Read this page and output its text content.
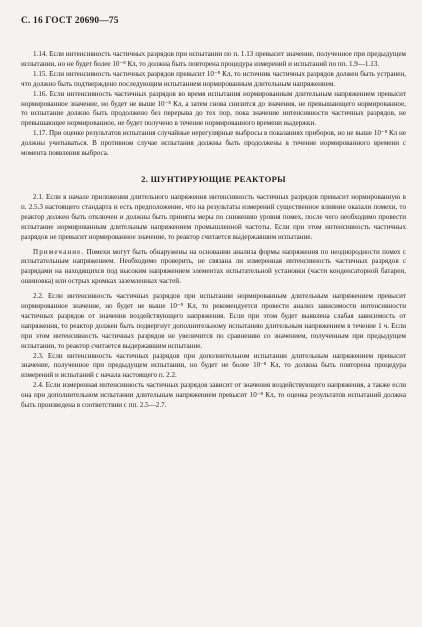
С. 16 ГОСТ 20690—75

1.14. Если интенсивность частичных разрядов при испытании по п. 1.13 превысит значение, полученное при предыдущем испытании, но не будет более 10⁻⁸ Кл, то должна быть повторена процедура измерений и испытаний по пп. 1.9—1.13.

1.15. Если интенсивность частичных разрядов превысит 10⁻⁸ Кл, то источник частичных разрядов должен быть устранен, что должно быть подтверждено последующим испытанием нормированным длительным напряжением.

1.16. Если интенсивность частичных разрядов во время испытания нормированным длительным напряжением превысит нормированное значение, но будет не выше 10⁻⁸ Кл, а затем снова снизится до значения, не превышающего нормированное, то испытание должно быть продолжено без перерыва до тех пор, пока значение интенсивности частичных разрядов, не превышающее нормированное, не будет получено в течение нормированного времени выдержки.

1.17. При оценке результатов испытания случайные нерегулярные выбросы в показаниях приборов, но не выше 10⁻⁸ Кл не должны учитываться. В противном случае испытания должны быть продолжены в течение нормированного времени с момента появления выброса.

2. ШУНТИРУЮЩИЕ РЕАКТОРЫ

2.1. Если в начале приложения длительного напряжения интенсивность частичных разрядов превысит нормированную в п. 2.5.3 настоящего стандарта и есть предположение, что на результаты измерений существенное влияние оказали помехи, то реактор должен быть отключен и должны быть приняты меры по снижению уровня помех, после чего необходимо провести испытание нормированным длительным напряжением промышленной частоты. Если при этом интенсивность частичных разрядов не превысит нормированное значение, то реактор считается выдержавшим испытание.

Примечание. Помехи могут быть обнаружены на основании анализа формы напряжения по неоднородности помех с испытательным напряжением. Необходимо проверить, не связана ли измеренная интенсивность частичных разрядов с разрядами на находящихся под высоким напряжением элементах испытательной установки (части конденсаторной батареи, ошиновка) или острых кромках заземленных частей.

2.2. Если интенсивность частичных разрядов при испытании нормированным длительным напряжением превысит нормированное значение, но будет не выше 10⁻⁸ Кл, то рекомендуется провести анализ зависимости интенсивности частичных разрядов от значения воздействующего напряжения. Если при этом будет выявлена слабая зависимость от напряжения, то реактор должен быть подвергнут дополнительному испытанию длительным напряжением в течение 1 ч. Если при этом интенсивность частичных разрядов не увеличится по сравнению со значением, полученным при предыдущем испытании, то реактор считается выдержавшим испытание.

2.3. Если интенсивность частичных разрядов при дополнительном испытании длительным напряжением превысит значение, полученное при предыдущем испытании, но будет не более 10⁻⁸ Кл, то должна быть повторена процедура измерений и испытаний с начала настоящего п. 2.2.

2.4. Если измеренная интенсивность частичных разрядов зависит от значения воздействующего напряжения, а также если она при дополнительном испытании длительным напряжением превысит 10⁻⁸ Кл, то оценка результатов испытаний должна быть произведена в соответствии с пп. 2.5—2.7.
